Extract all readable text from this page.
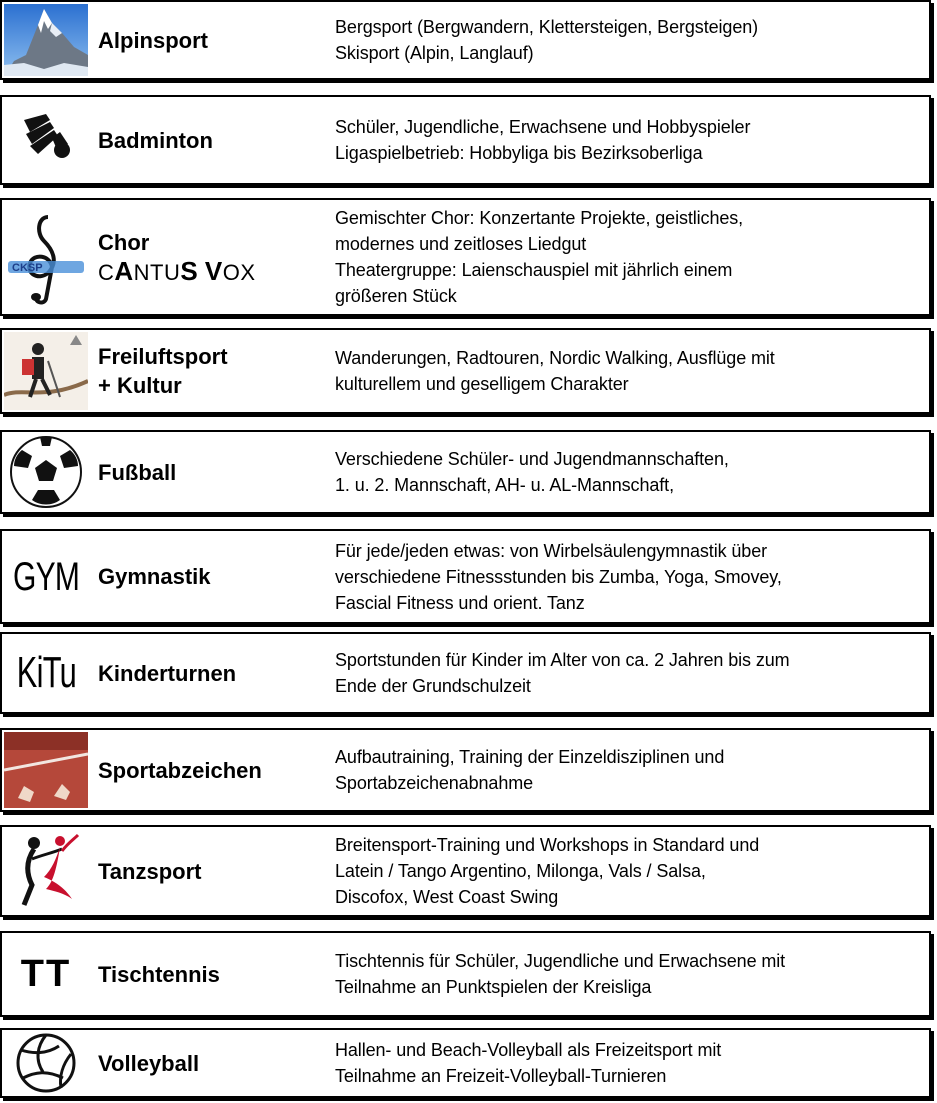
Alpinsport
Bergsport (Bergwandern, Klettersteigen, Bergsteigen)
Skisport (Alpin, Langlauf)
Badminton
Schüler, Jugendliche, Erwachsene und Hobbyspieler
Ligaspielbetrieb: Hobbyliga bis Bezirksoberliga
CKSP
Chor
CANTUS VOX
Gemischter Chor: Konzertante Projekte, geistliches,
modernes und zeitloses Liedgut
Theatergruppe: Laienschauspiel mit jährlich einem
größeren Stück
Freiluftsport
+ Kultur
Wanderungen, Radtouren, Nordic Walking, Ausflüge mit
kulturellem und geselligem Charakter
Fußball
Verschiedene Schüler- und Jugendmannschaften,
1. u. 2. Mannschaft, AH- u. AL-Mannschaft,
GYM Gymnastik
Für jede/jeden etwas: von Wirbelsäulengymnastik über
verschiedene Fitnessstunden bis Zumba, Yoga, Smovey,
Fascial Fitness und orient. Tanz
KiTu Kinderturnen
Sportstunden für Kinder im Alter von ca. 2 Jahren bis zum
Ende der Grundschulzeit
Sportabzeichen
Aufbautraining, Training der Einzeldisziplinen und
Sportabzeichenabnahme
Tanzsport
Breitensport-Training und Workshops in Standard und
Latein / Tango Argentino, Milonga, Vals / Salsa,
Discofox, West Coast Swing
TT Tischtennis
Tischtennis für Schüler, Jugendliche und Erwachsene mit
Teilnahme an Punktspielen der Kreisliga
Volleyball
Hallen- und Beach-Volleyball als Freizeitsport mit
Teilnahme an Freizeit-Volleyball-Turnieren
